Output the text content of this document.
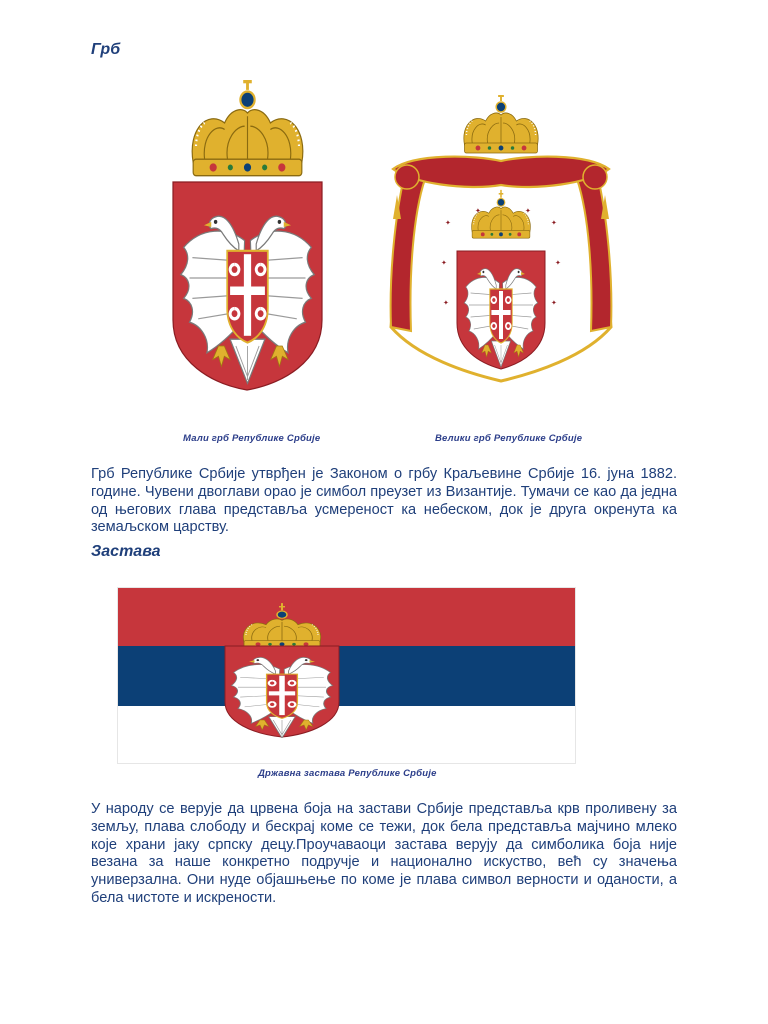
Грб
✦
✦	✦
✦
✦	✦
✦	✦
Мали грб Републике Србије	Велики грб Републике Србије
Грб Републике Србије утврђен је Законом о грбу Краљевине Србије 16. јуна 1882. године. Чувени двоглави орао је симбол преузет из Византије. Тумачи се као да једна од његових глава представља усмереност ка небеском, док је друга окренута ка земаљском царству.
Застава
Државна застава Републике Србије
У народу се верује да црвена боја на застави Србије представља крв проливену за земљу, плава слободу и бескрај коме се тежи, док бела представља мајчино млеко које храни јаку српску децу.Проучаваоци застава верују да симболика боја није везана за наше конкретно подручје и национално искуство, већ су значења универзална. Они нуде објашњење по коме је плава символ верности и оданости, а бела чистоте и искрености.
